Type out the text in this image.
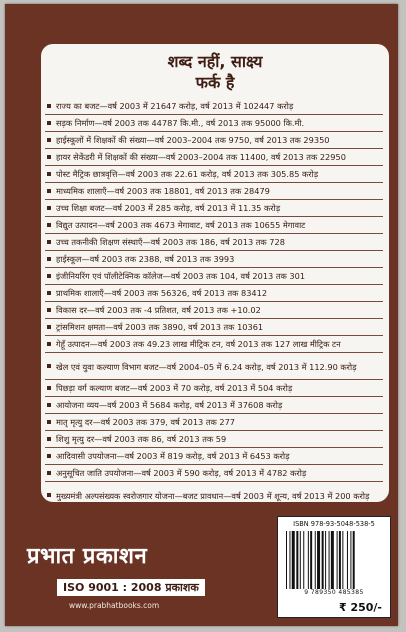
शब्द नहीं, साक्ष्य
फर्क है
राज्य का बजट—वर्ष 2003 में 21647 करोड़, वर्ष 2013 में 102447 करोड़
सड़क निर्माण—वर्ष 2003 तक 44787 कि.मी., वर्ष 2013 तक 95000 कि.मी.
हाईस्कूलों में शिक्षकों की संख्या—वर्ष 2003–2004 तक 9750, वर्ष 2013 तक 29350
हायर सेकेंडरी में शिक्षकों की संख्या—वर्ष 2003–2004 तक 11400, वर्ष 2013 तक 22950
पोस्ट मैट्रिक छात्रवृत्ति—वर्ष 2003 तक 22.61 करोड़, वर्ष 2013 तक 305.85 करोड़
माध्यमिक शालाएँ—वर्ष 2003 तक 18801, वर्ष 2013 तक 28479
उच्च शिक्षा बजट—वर्ष 2003 में 285 करोड़, वर्ष 2013 में 11.35 करोड़
विद्युत उत्पादन—वर्ष 2003 तक 4673 मेगावाट, वर्ष 2013 तक 10655 मेगावाट
उच्च तकनीकी शिक्षण संस्थाएँ—वर्ष 2003 तक 186, वर्ष 2013 तक 728
हाईस्कूल—वर्ष 2003 तक 2388, वर्ष 2013 तक 3993
इंजीनियरिंग एवं पॉलीटेक्निक कॉलेज—वर्ष 2003 तक 104, वर्ष 2013 तक 301
प्राथमिक शालाएँ—वर्ष 2003 तक 56326, वर्ष 2013 तक 83412
विकास दर—वर्ष 2003 तक -4 प्रतिशत, वर्ष 2013 तक +10.02
ट्रांसमिशन क्षमता—वर्ष 2003 तक 3890, वर्ष 2013 तक 10361
गेहूँ उत्पादन—वर्ष 2003 तक 49.23 लाख मीट्रिक टन, वर्ष 2013 तक 127 लाख मीट्रिक टन
खेल एवं युवा कल्याण विभाग बजट—वर्ष 2004–05 में 6.24 करोड़, वर्ष 2013 में 112.90 करोड़
पिछड़ा वर्ग कल्याण बजट—वर्ष 2003 में 70 करोड़, वर्ष 2013 में 504 करोड़
आयोजना व्यय—वर्ष 2003 में 5684 करोड़, वर्ष 2013 में 37608 करोड़
मातृ मृत्यु दर—वर्ष 2003 तक 379, वर्ष 2013 तक 277
शिशु मृत्यु दर—वर्ष 2003 तक 86, वर्ष 2013 तक 59
आदिवासी उपयोजना—वर्ष 2003 में 819 करोड़, वर्ष 2013 में 6453 करोड़
अनुसूचित जाति उपयोजना—वर्ष 2003 में 590 करोड़, वर्ष 2013 में 4782 करोड़
मुख्यमंत्री अल्पसंख्यक स्वरोजगार योजना—बजट प्रावधान—वर्ष 2003 में शून्य, वर्ष 2013 में 200 करोड़
प्रभात प्रकाशन
ISO 9001 : 2008 प्रकाशक
www.prabhatbooks.com
ISBN 978-93-5048-538-5
9 789350 485385
₹ 250/-
